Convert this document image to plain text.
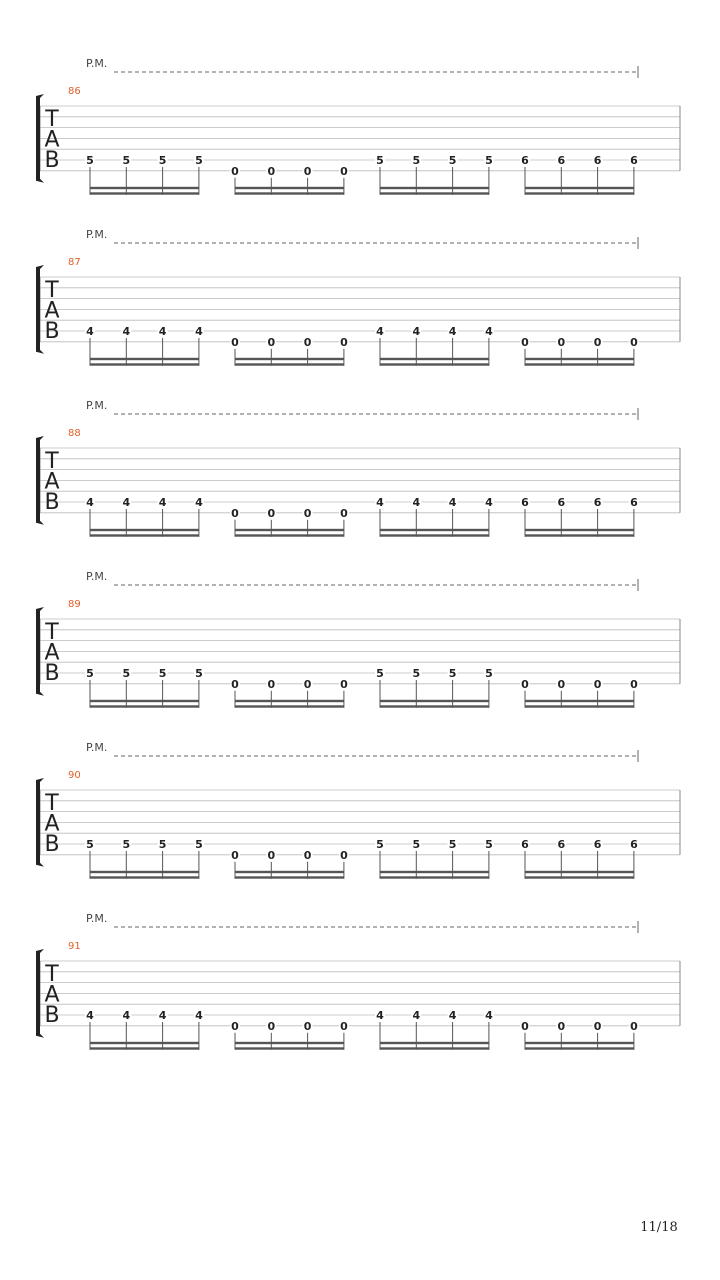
P.M.
86
T
A
B 5	5	5	5
0	0	0	0
5	5	5	5	6	6	6	6
P.M.
87
T
A
B 4	4	4	4
0	0	0	0
4	4	4	4
0	0	0	0
P.M.
88
T
A
B 4	4	4	4
0	0	0	0
4	4	4	4	6	6	6	6
P.M.
89
T
A
B 5	5	5	5
0	0	0	0
5	5	5	5
0	0	0	0
P.M.
90
T
A
B 5	5	5	5
0	0	0	0
5	5	5	5	6	6	6	6
P.M.
91
T
A
B 4	4	4	4
0	0	0	0
4	4	4	4
0	0	0	0
11/18
